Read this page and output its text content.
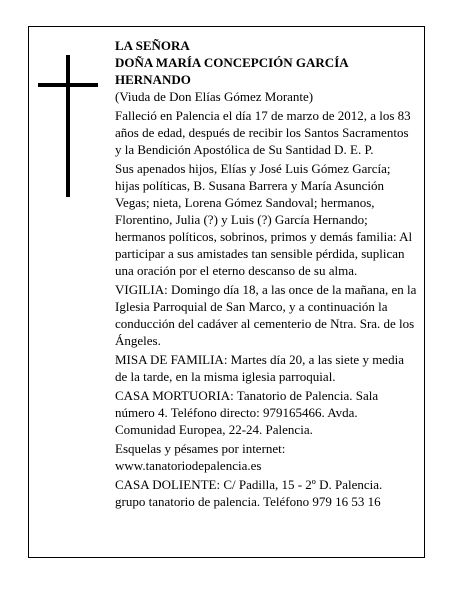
LA SEÑORA

DOÑA MARÍA CONCEPCIÓN GARCÍA HERNANDO

(Viuda de Don Elías Gómez Morante)

Falleció en Palencia el día 17 de marzo de 2012, a los 83 años de edad, después de recibir los Santos Sacramentos y la Bendición Apostólica de Su Santidad D. E. P.

Sus apenados hijos, Elías y José Luis Gómez García; hijas políticas, B. Susana Barrera y María Asunción Vegas; nieta, Lorena Gómez Sandoval; hermanos, Florentino, Julia (?) y Luis (?) García Hernando; hermanos políticos, sobrinos, primos y demás familia: Al participar a sus amistades tan sensible pérdida, suplican una oración por el eterno descanso de su alma.

VIGILIA: Domingo día 18, a las once de la mañana, en la Iglesia Parroquial de San Marco, y a continuación la conducción del cadáver al cementerio de Ntra. Sra. de los Ángeles.

MISA DE FAMILIA: Martes día 20, a las siete y media de la tarde, en la misma iglesia parroquial.

CASA MORTUORIA: Tanatorio de Palencia. Sala número 4. Teléfono directo: 979165466. Avda. Comunidad Europea, 22-24. Palencia.

Esquelas y pésames por internet:

www.tanatoriodepalencia.es

CASA DOLIENTE: C/ Padilla, 15 - 2º D. Palencia.

grupo tanatorio de palencia. Teléfono 979 16 53 16
